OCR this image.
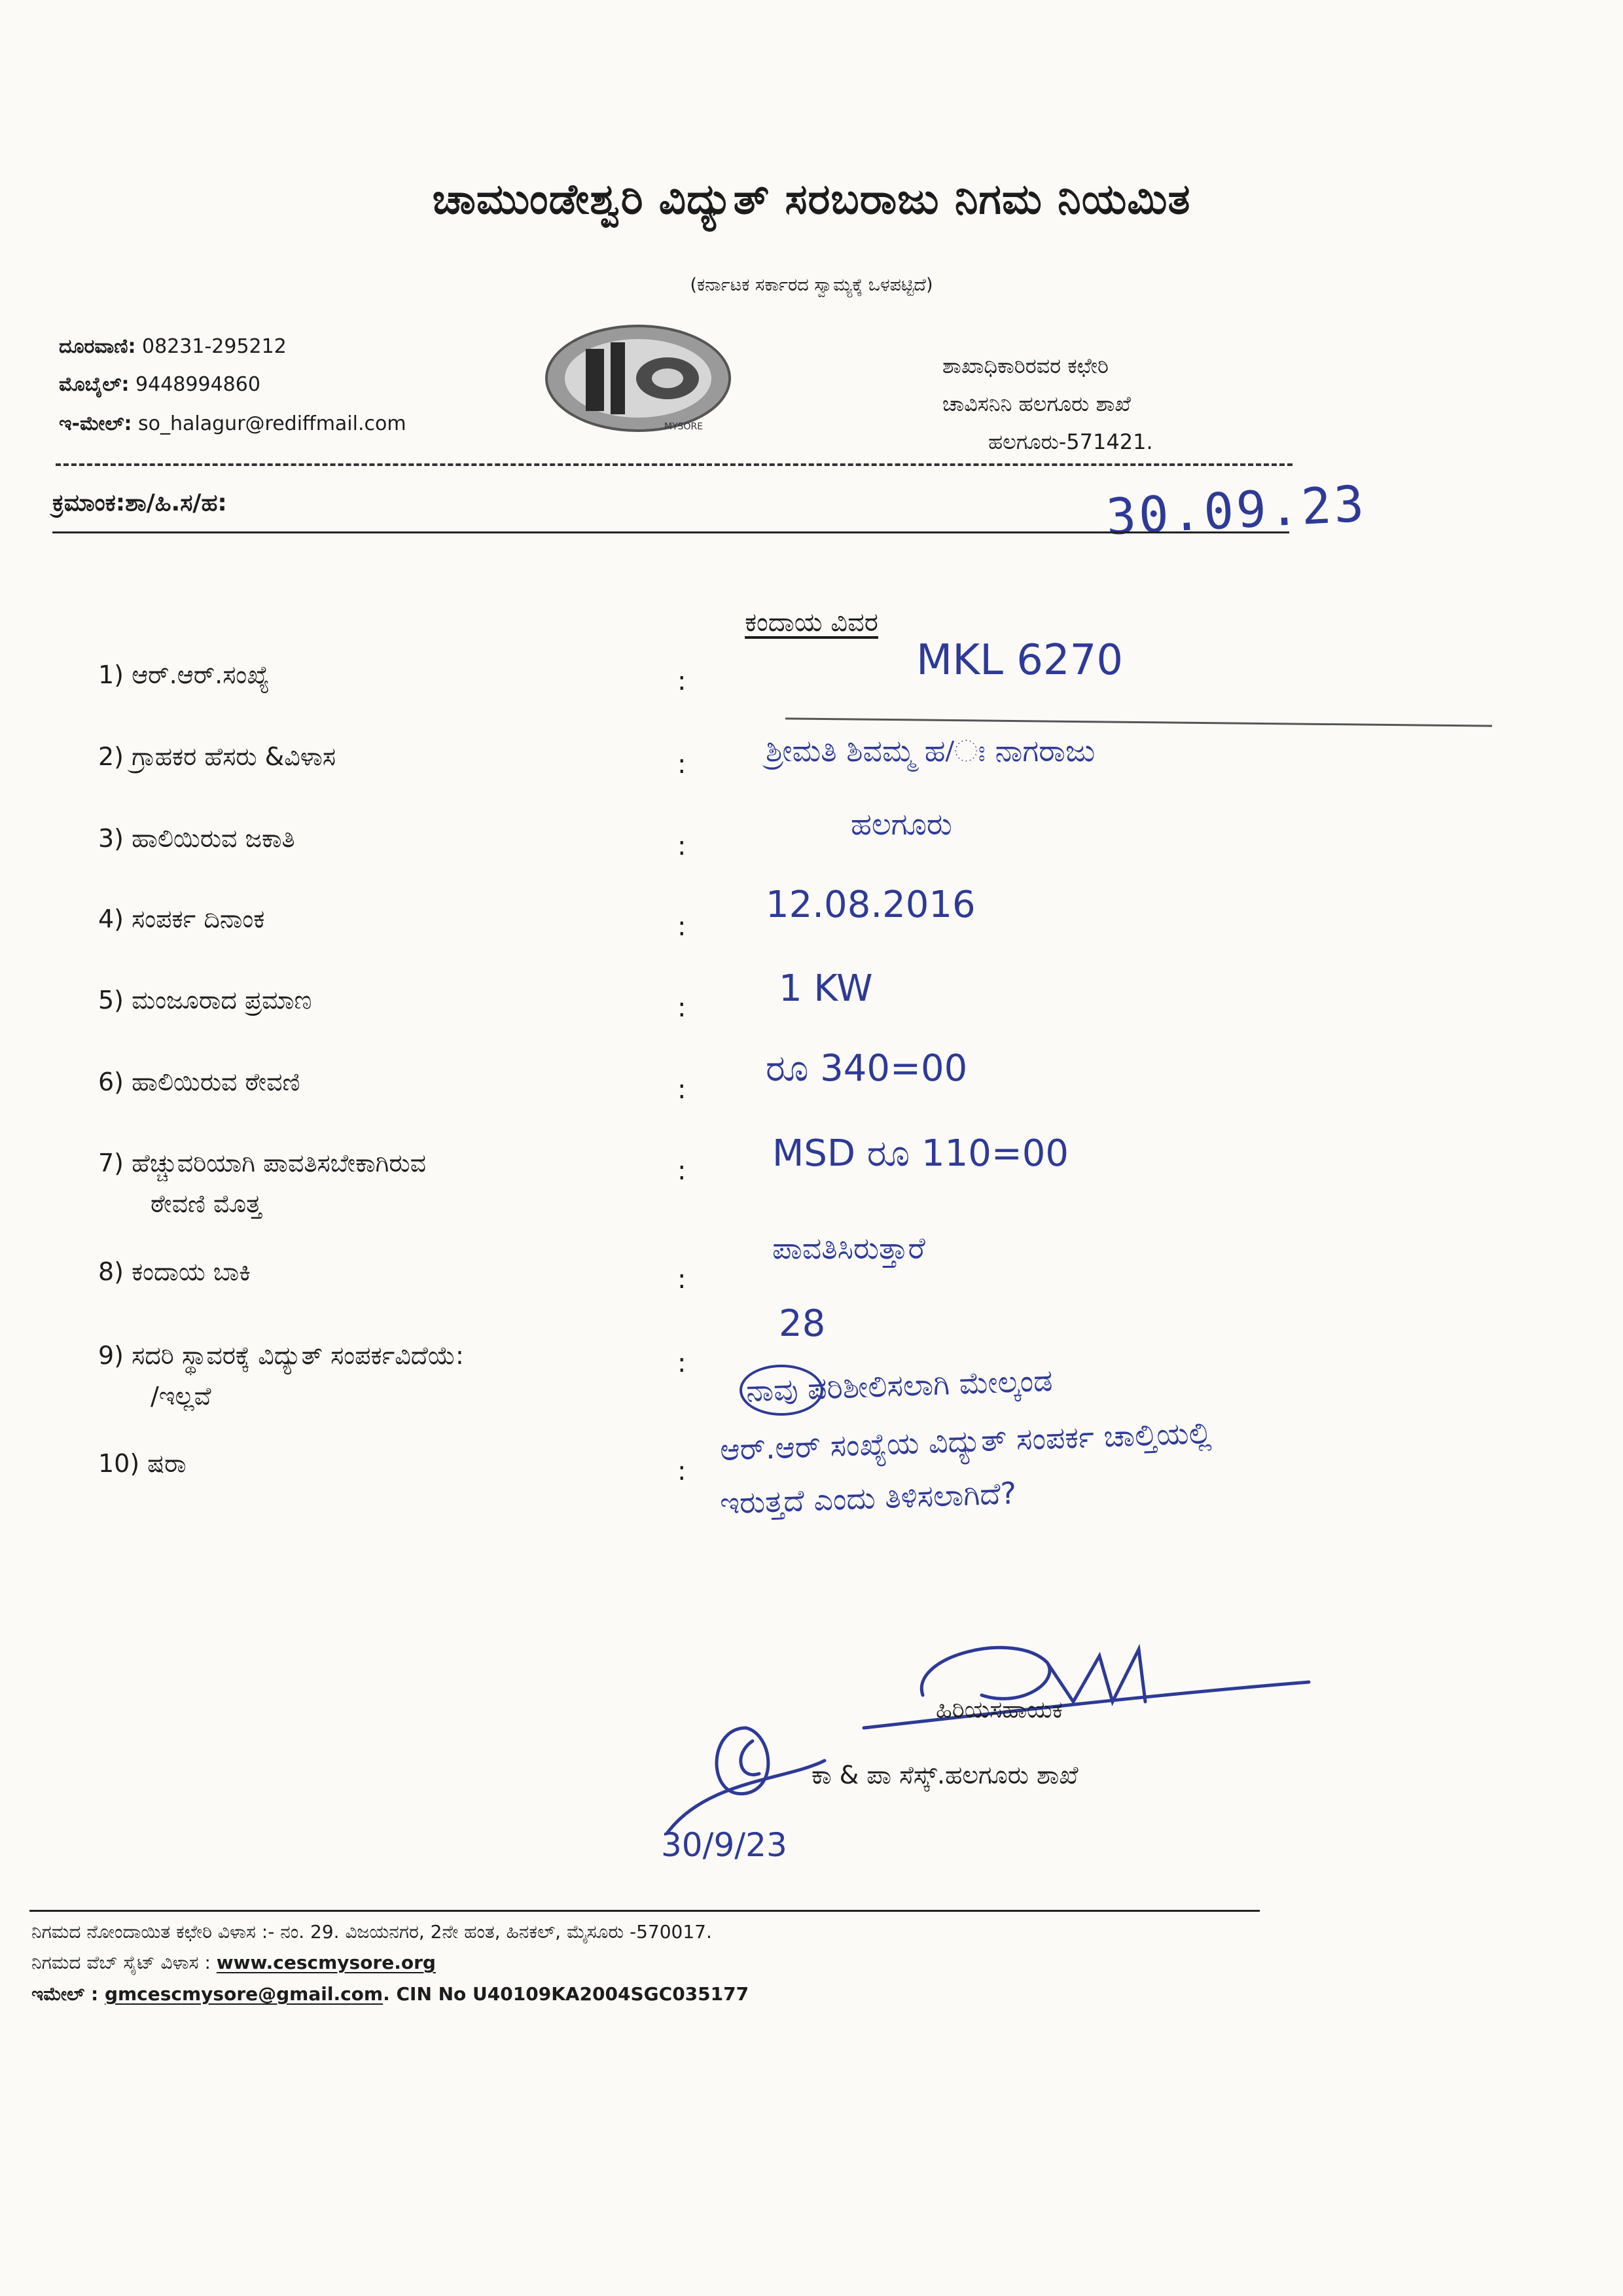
ಚಾಮುಂಡೇಶ್ವರಿ ವಿದ್ಯುತ್ ಸರಬರಾಜು ನಿಗಮ ನಿಯಮಿತ
(ಕರ್ನಾಟಕ ಸರ್ಕಾರದ ಸ್ವಾಮ್ಯಕ್ಕೆ ಒಳಪಟ್ಟಿದೆ)
ದೂರವಾಣಿ: 08231-295212
ಮೊಬೈಲ್: 9448994860
ಇ-ಮೇಲ್: so_halagur@rediffmail.com	MYSORE
ಶಾಖಾಧಿಕಾರಿರವರ ಕಛೇರಿ
ಚಾವಿಸನಿನಿ ಹಲಗೂರು ಶಾಖೆ
ಹಲಗೂರು-571421.
ಕ್ರಮಾಂಕ:ಶಾ/ಹಿ.ಸ/ಹ:	30.09.23
ಕಂದಾಯ ವಿವರ
1) ಆರ್.ಆರ್.ಸಂಖ್ಯೆ
2) ಗ್ರಾಹಕರ ಹೆಸರು &ವಿಳಾಸ
3) ಹಾಲಿಯಿರುವ ಜಕಾತಿ
4) ಸಂಪರ್ಕ ದಿನಾಂಕ
5) ಮಂಜೂರಾದ ಪ್ರಮಾಣ
6) ಹಾಲಿಯಿರುವ ಠೇವಣಿ
7) ಹೆಚ್ಚುವರಿಯಾಗಿ ಪಾವತಿಸಬೇಕಾಗಿರುವ
ಠೇವಣಿ ಮೊತ್ತ
8) ಕಂದಾಯ ಬಾಕಿ
9) ಸದರಿ ಸ್ಥಾವರಕ್ಕೆ ವಿದ್ಯುತ್ ಸಂಪರ್ಕವಿದೆಯೆ:
/ಇಲ್ಲವೆ
10) ಷರಾ
:
:
:
:
:
:
:
:
:
:
MKL 6270
ಶ್ರೀಮತಿ ಶಿವಮ್ಮ ಹ/ಃ ನಾಗರಾಜು
ಹಲಗೂರು
12.08.2016
1 KW
ರೂ 340=00
MSD ರೂ 110=00
ಪಾವತಿಸಿರುತ್ತಾರೆ
28
ನಾವು ಪರಿಶೀಲಿಸಲಾಗಿ ಮೇಲ್ಕಂಡ
ಆರ್.ಆರ್ ಸಂಖ್ಯೆಯ ವಿದ್ಯುತ್ ಸಂಪರ್ಕ ಚಾಲ್ತಿಯಲ್ಲಿ
ಇರುತ್ತದೆ ಎಂದು ತಿಳಿಸಲಾಗಿದೆ?
ಹಿರಿಯಸಹಾಯಕ
ಕಾ & ಪಾ ಸೆಸ್ಕ್.ಹಲಗೂರು ಶಾಖೆ
30/9/23
ನಿಗಮದ ನೋಂದಾಯಿತ ಕಛೇರಿ ವಿಳಾಸ :- ನಂ. 29. ವಿಜಯನಗರ, 2ನೇ ಹಂತ, ಹಿನಕಲ್, ಮೈಸೂರು -570017.
ನಿಗಮದ ವೆಬ್ ಸೈಟ್ ವಿಳಾಸ : www.cescmysore.org
ಇಮೇಲ್ : gmcescmysore@gmail.com. CIN No U40109KA2004SGC035177
